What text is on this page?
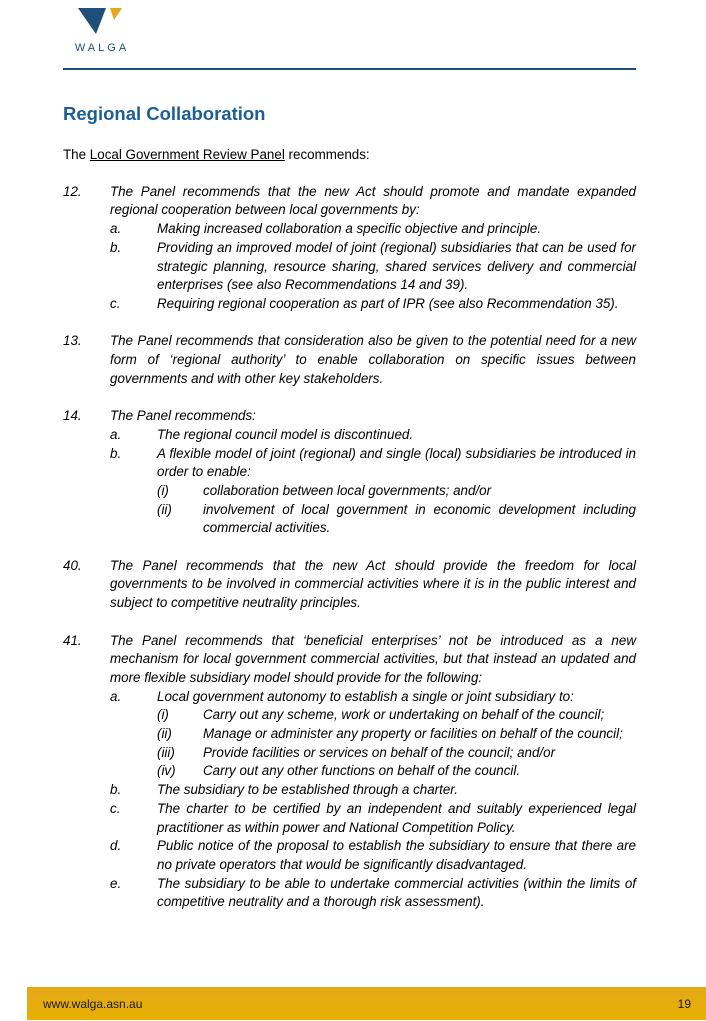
WALGA
Regional Collaboration
The Local Government Review Panel recommends:
12. The Panel recommends that the new Act should promote and mandate expanded regional cooperation between local governments by:
a.	Making increased collaboration a specific objective and principle.
b.	Providing an improved model of joint (regional) subsidiaries that can be used for strategic planning, resource sharing, shared services delivery and commercial enterprises (see also Recommendations 14 and 39).
c.	Requiring regional cooperation as part of IPR (see also Recommendation 35).
13. The Panel recommends that consideration also be given to the potential need for a new form of ‘regional authority’ to enable collaboration on specific issues between governments and with other key stakeholders.
14. The Panel recommends:
a.	The regional council model is discontinued.
b.	A flexible model of joint (regional) and single (local) subsidiaries be introduced in order to enable:
(i)	collaboration between local governments; and/or
(ii) involvement of local government in economic development including commercial activities.
40. The Panel recommends that the new Act should provide the freedom for local governments to be involved in commercial activities where it is in the public interest and subject to competitive neutrality principles.
41. The Panel recommends that ‘beneficial enterprises’ not be introduced as a new mechanism for local government commercial activities, but that instead an updated and more flexible subsidiary model should provide for the following:
a.	Local government autonomy to establish a single or joint subsidiary to:
(i)	Carry out any scheme, work or undertaking on behalf of the council;
(ii) Manage or administer any property or facilities on behalf of the council;
(iii) Provide facilities or services on behalf of the council; and/or
(iv) Carry out any other functions on behalf of the council.
b.	The subsidiary to be established through a charter.
c.	The charter to be certified by an independent and suitably experienced legal practitioner as within power and National Competition Policy.
d.	Public notice of the proposal to establish the subsidiary to ensure that there are no private operators that would be significantly disadvantaged.
e.	The subsidiary to be able to undertake commercial activities (within the limits of competitive neutrality and a thorough risk assessment).
www.walga.asn.au	19
